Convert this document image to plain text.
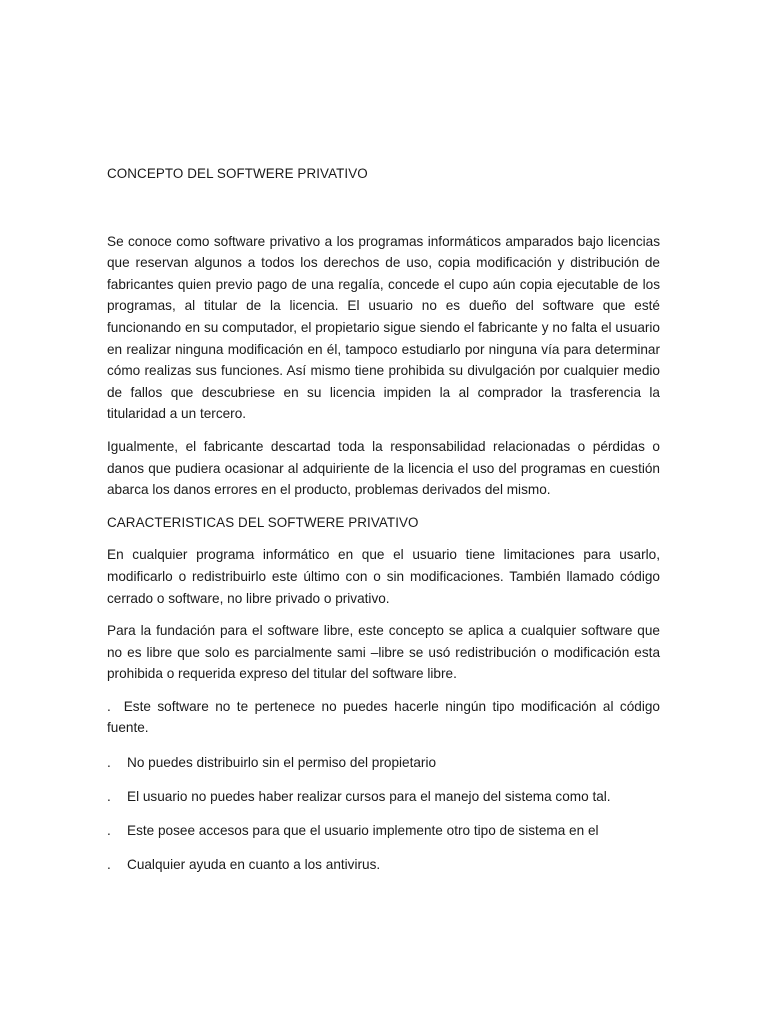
CONCEPTO DEL SOFTWERE PRIVATIVO

Se conoce como software privativo a los programas informáticos amparados bajo licencias que reservan algunos a todos los derechos de uso, copia modificación y distribución de fabricantes quien previo pago de una regalía, concede el cupo aún copia ejecutable de los programas, al titular de la licencia. El usuario no es dueño del software que esté funcionando en su computador, el propietario sigue siendo el fabricante y no falta el usuario en realizar ninguna modificación en él, tampoco estudiarlo por ninguna vía para determinar cómo realizas sus funciones. Así mismo tiene prohibida su divulgación por cualquier medio de fallos que descubriese en su licencia impiden la al comprador la trasferencia la titularidad a un tercero.

Igualmente, el fabricante descartad toda la responsabilidad relacionadas o pérdidas o danos que pudiera ocasionar al adquiriente de la licencia el uso del programas en cuestión abarca los danos errores en el producto, problemas derivados del mismo.

CARACTERISTICAS DEL SOFTWERE PRIVATIVO

En cualquier programa informático en que el usuario tiene limitaciones para usarlo, modificarlo o redistribuirlo este último con o sin modificaciones. También llamado código cerrado o software, no libre privado o privativo.

Para la fundación para el software libre, este concepto se aplica a cualquier software que no es libre que solo es parcialmente sami –libre se usó redistribución o modificación esta prohibida o requerida expreso del titular del software libre.

. Este software no te pertenece no puedes hacerle ningún tipo modificación al código fuente.
. No puedes distribuirlo sin el permiso del propietario
. El usuario no puedes haber realizar cursos para el manejo del sistema como tal.
. Este posee accesos para que el usuario implemente otro tipo de sistema en el
. Cualquier ayuda en cuanto a los antivirus.
